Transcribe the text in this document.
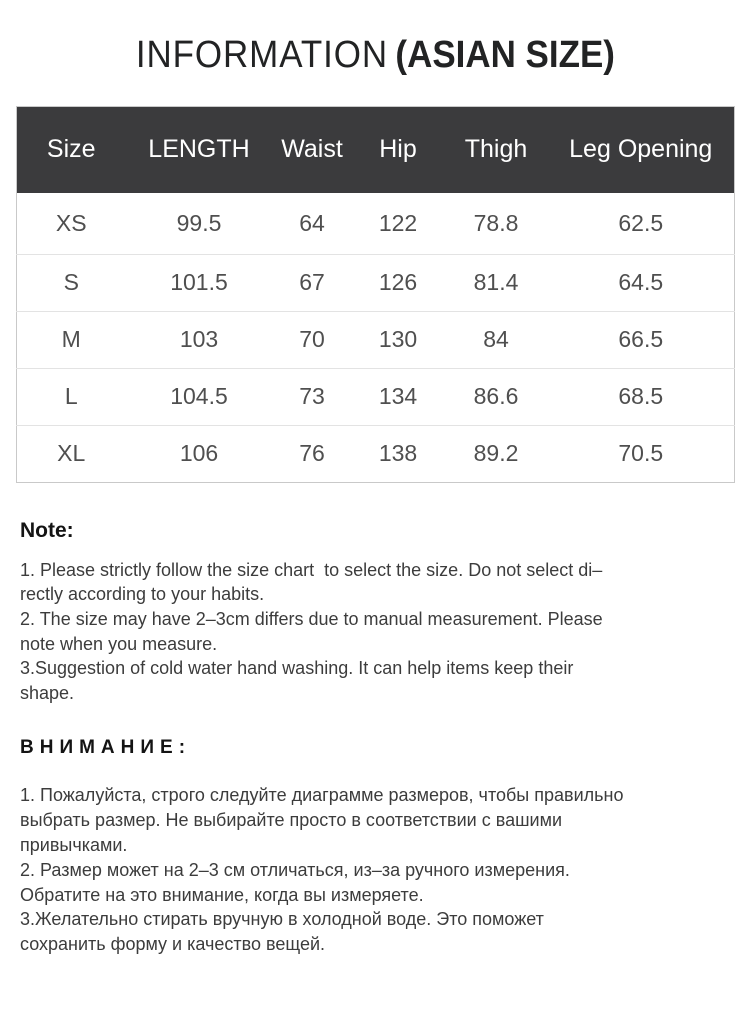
INFORMATION (ASIAN SIZE)
Size	LENGTH	Waist	Hip	Thigh	Leg Opening
XS	99.5	64	122	78.8	62.5
S	101.5	67	126	81.4	64.5
M	103	70	130	84	66.5
L	104.5	73	134	86.6	68.5
XL	106	76	138	89.2	70.5
Note:
1. Please strictly follow the size chart  to select the size. Do not select di–
rectly according to your habits.
2. The size may have 2–3cm differs due to manual measurement. Please
note when you measure.
3.Suggestion of cold water hand washing. It can help items keep their
shape.
ВНИМАНИЕ:
1. Пожалуйста, строго следуйте диаграмме размеров, чтобы правильно
выбрать размер. Не выбирайте просто в соответствии с вашими
привычками.
2. Размер может на 2–3 см отличаться, из–за ручного измерения.
Обратите на это внимание, когда вы измеряете.
3.Желательно стирать вручную в холодной воде. Это поможет
сохранить форму и качество вещей.
